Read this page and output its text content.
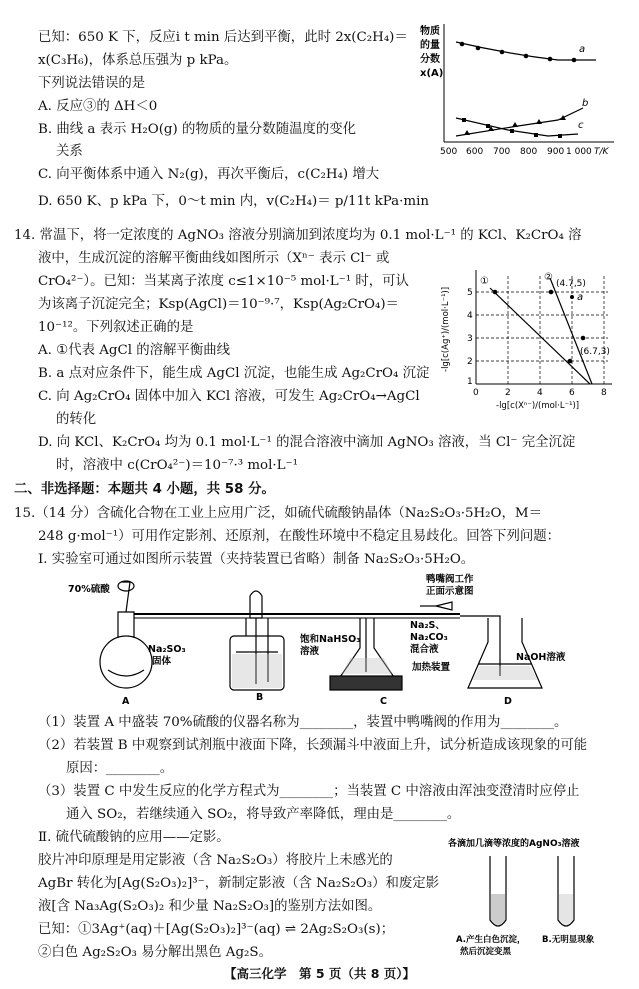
已知：650 K 下，反应ⅰ t min 后达到平衡，此时 2x(C₂H₄)＝
x(C₃H₆)，体系总压强为 p kPa。
下列说法错误的是
A. 反应③的 ΔH＜0
B. 曲线 a 表示 H₂O(g) 的物质的量分数随温度的变化
关系
C. 向平衡体系中通入 N₂(g)，再次平衡后，c(C₂H₄) 增大
D. 650 K、p kPa 下，0～t min 内，v(C₂H₄)＝ p/11t kPa·min
物质
的量
分数
x(A)
500 600 700 800 900 1 000 T/K
a
b
c
14. 常温下，将一定浓度的 AgNO₃ 溶液分别滴加到浓度均为 0.1 mol·L⁻¹ 的 KCl、K₂CrO₄ 溶
液中，生成沉淀的溶解平衡曲线如图所示（Xⁿ⁻ 表示 Cl⁻ 或
CrO₄²⁻）。已知：当某离子浓度 c≤1×10⁻⁵ mol·L⁻¹ 时，可认
为该离子沉淀完全；Ksp(AgCl)＝10⁻⁹·⁷，Ksp(Ag₂CrO₄)＝
10⁻¹²。下列叙述正确的是
A. ①代表 AgCl 的溶解平衡曲线
B. a 点对应条件下，能生成 AgCl 沉淀，也能生成 Ag₂CrO₄ 沉淀
C. 向 Ag₂CrO₄ 固体中加入 KCl 溶液，可发生 Ag₂CrO₄→AgCl
的转化
D. 向 KCl、K₂CrO₄ 均为 0.1 mol·L⁻¹ 的混合溶液中滴加 AgNO₃ 溶液，当 Cl⁻ 完全沉淀
时，溶液中 c(CrO₄²⁻)＝10⁻⁷·³ mol·L⁻¹
-lg[c(Ag⁺)/(mol·L⁻¹)] 5
4
3
2
1
0	2	4	6	8
-lg[c(Xⁿ⁻)/(mol·L⁻¹)]
①	②
(4.7,5)
a
(6.7,3)
二、非选择题：本题共 4 小题，共 58 分。
15.（14 分）含硫化合物在工业上应用广泛，如硫代硫酸钠晶体（Na₂S₂O₃·5H₂O，M＝
248 g·mol⁻¹）可用作定影剂、还原剂，在酸性环境中不稳定且易歧化。回答下列问题：
Ⅰ. 实验室可通过如图所示装置（夹持装置已省略）制备 Na₂S₂O₃·5H₂O。
鸭嘴阀工作
正面示意图
70%硫酸
Na₂SO₃
固体
饱和NaHSO₃
溶液
Na₂S、
Na₂CO₃
混合液
加热装置
NaOH溶液
A	B	C	D
（1）装置 A 中盛装 70%硫酸的仪器名称为________，装置中鸭嘴阀的作用为________。
（2）若装置 B 中观察到试剂瓶中液面下降，长颈漏斗中液面上升，试分析造成该现象的可能
原因：________。
（3）装置 C 中发生反应的化学方程式为________；当装置 C 中溶液由浑浊变澄清时应停止
通入 SO₂，若继续通入 SO₂，将导致产率降低，理由是________。
Ⅱ. 硫代硫酸钠的应用——定影。
胶片冲印原理是用定影液（含 Na₂S₂O₃）将胶片上未感光的
AgBr 转化为[Ag(S₂O₃)₂]³⁻，新制定影液（含 Na₂S₂O₃）和废定影
液[含 Na₃Ag(S₂O₃)₂ 和少量 Na₂S₂O₃]的鉴别方法如图。
已知：①3Ag⁺(aq)＋[Ag(S₂O₃)₂]³⁻(aq) ⇌ 2Ag₂S₂O₃(s)；
②白色 Ag₂S₂O₃ 易分解出黑色 Ag₂S。
各滴加几滴等浓度的AgNO₃溶液
A.产生白色沉淀，
然后沉淀变黑
B.无明显现象
【高三化学　第 5 页（共 8 页）】
